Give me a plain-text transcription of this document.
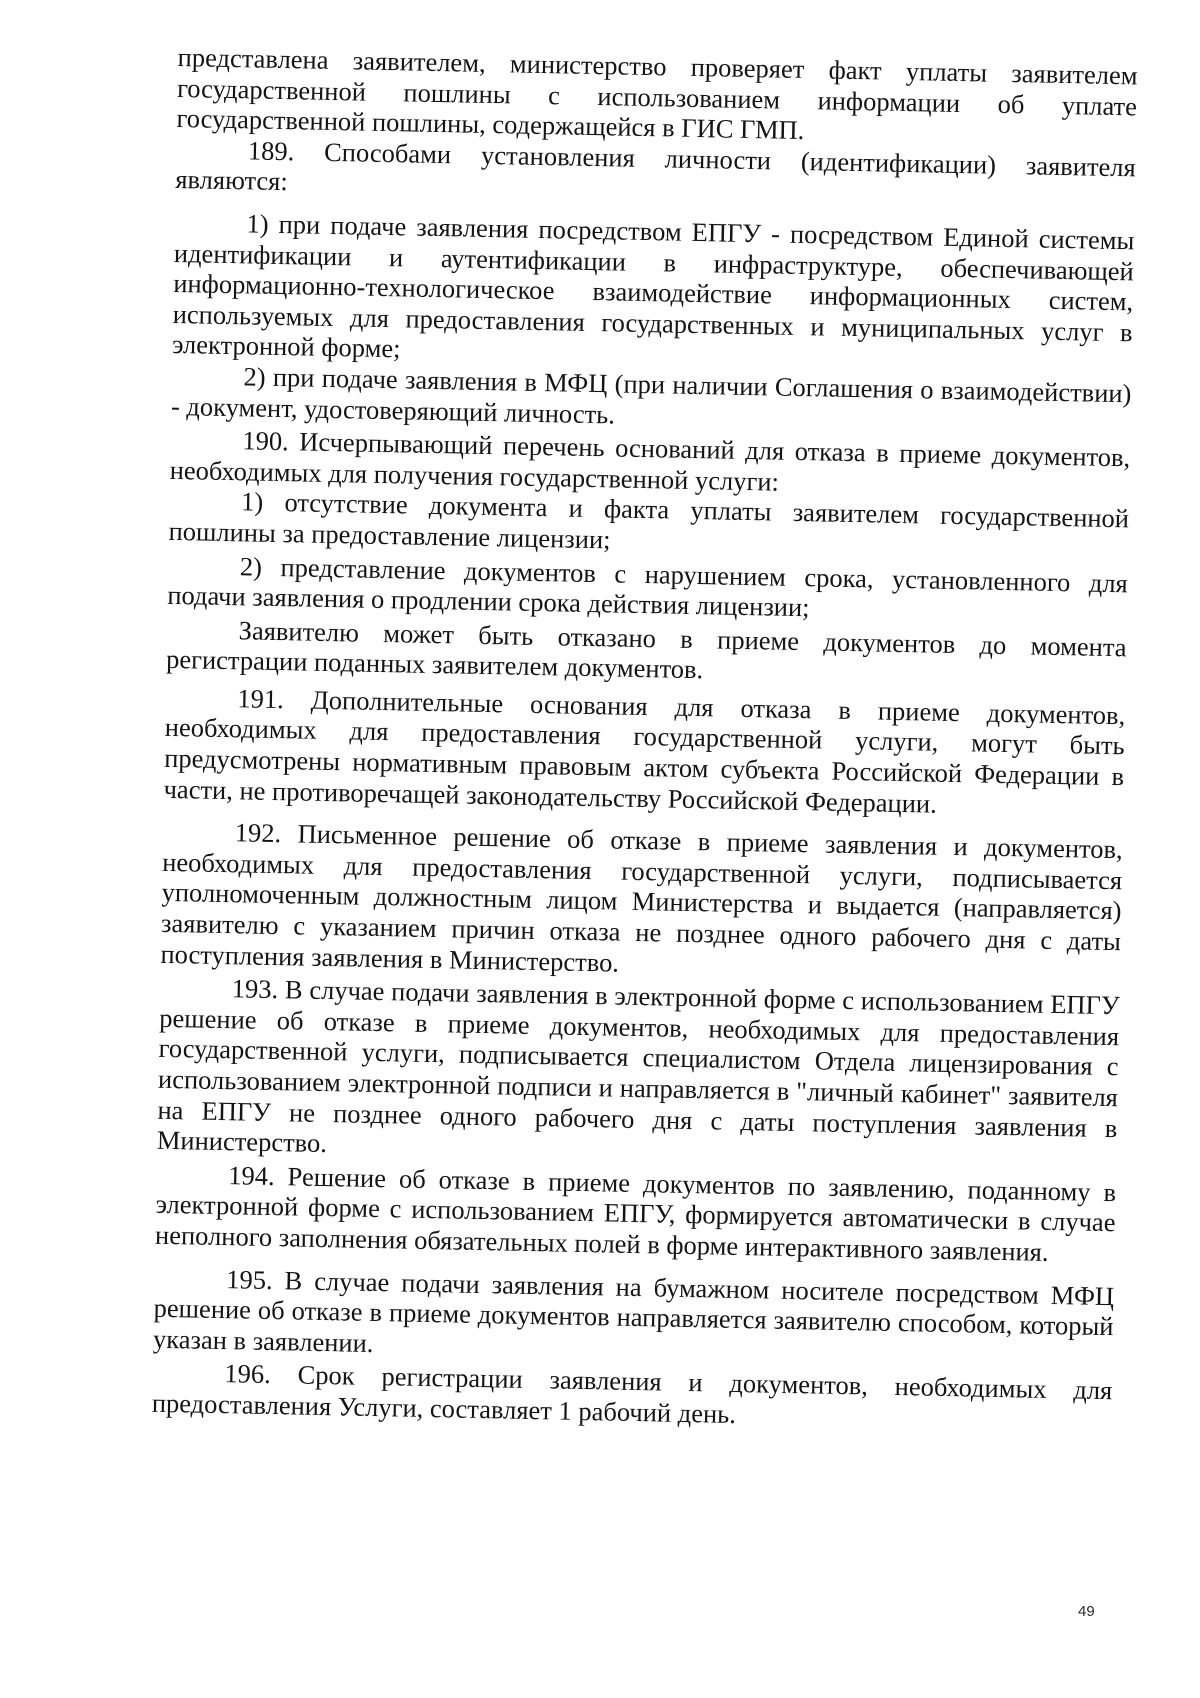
представлена заявителем, министерство проверяет факт уплаты заявителем государственной пошлины с использованием информации об уплате государственной пошлины, содержащейся в ГИС ГМП.

189. Способами установления личности (идентификации) заявителя являются:

1) при подаче заявления посредством ЕПГУ - посредством Единой системы идентификации и аутентификации в инфраструктуре, обеспечивающей информационно-технологическое взаимодействие информационных систем, используемых для предоставления государственных и муниципальных услуг в электронной форме;

2) при подаче заявления в МФЦ (при наличии Соглашения о взаимодействии) - документ, удостоверяющий личность.

190. Исчерпывающий перечень оснований для отказа в приеме документов, необходимых для получения государственной услуги:

1) отсутствие документа и факта уплаты заявителем государственной пошлины за предоставление лицензии;

2) представление документов с нарушением срока, установленного для подачи заявления о продлении срока действия лицензии;

Заявителю может быть отказано в приеме документов до момента регистрации поданных заявителем документов.

191. Дополнительные основания для отказа в приеме документов, необходимых для предоставления государственной услуги, могут быть предусмотрены нормативным правовым актом субъекта Российской Федерации в части, не противоречащей законодательству Российской Федерации.

192. Письменное решение об отказе в приеме заявления и документов, необходимых для предоставления государственной услуги, подписывается уполномоченным должностным лицом Министерства и выдается (направляется) заявителю с указанием причин отказа не позднее одного рабочего дня с даты поступления заявления в Министерство.

193. В случае подачи заявления в электронной форме с использованием ЕПГУ решение об отказе в приеме документов, необходимых для предоставления государственной услуги, подписывается специалистом Отдела лицензирования с использованием электронной подписи и направляется в "личный кабинет" заявителя на ЕПГУ не позднее одного рабочего дня с даты поступления заявления в Министерство.

194. Решение об отказе в приеме документов по заявлению, поданному в электронной форме с использованием ЕПГУ, формируется автоматически в случае неполного заполнения обязательных полей в форме интерактивного заявления.

195. В случае подачи заявления на бумажном носителе посредством МФЦ решение об отказе в приеме документов направляется заявителю способом, который указан в заявлении.

196. Срок регистрации заявления и документов, необходимых для предоставления Услуги, составляет 1 рабочий день.

49
